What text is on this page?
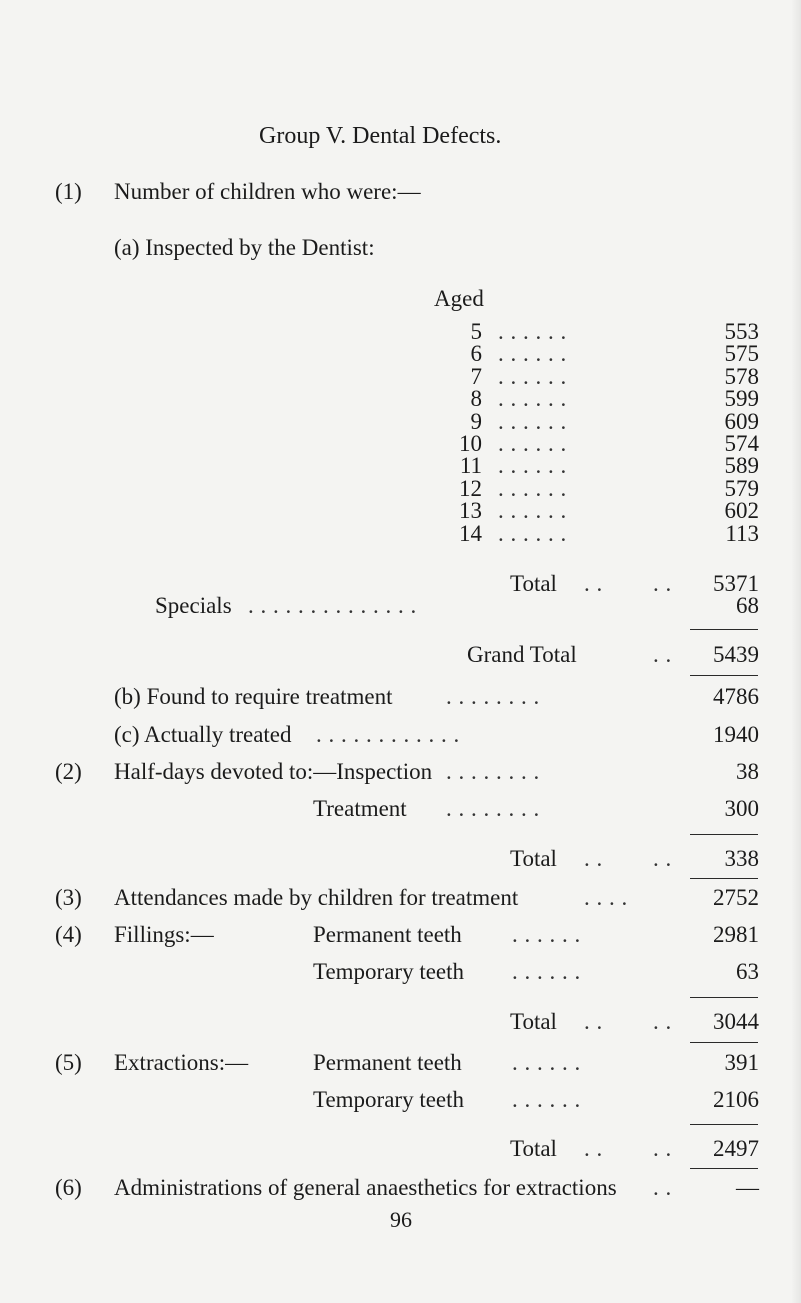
Group V. Dental Defects.
(1) Number of children who were:—
(a) Inspected by the Dentist:
Aged
5 . . . . . .	553
6 . . . . . .	575
7 . . . . . .	578
8 . . . . . .	599
9 . . . . . .	609
10 . . . . . .	574
11 . . . . . .	589
12 . . . . . .	579
13 . . . . . .	602
14 . . . . . .	113
Total . . . .	5371
Specials . . . . . . . . . . . . . .	68
Grand Total	. .	5439
(b) Found to require treatment . . . . . . . .	4786
(c) Actually treated . . . . . . . . . . . .	1940
(2) Half-days devoted to:—Inspection . . . . . . . .	38
Treatment . . . . . . . .	300
Total . . . .	338
(3) Attendances made by children for treatment	. . . .	2752
(4) Fillings:—	Permanent teeth . . . . . .	2981
Temporary teeth . . . . . .	63
Total . . . .	3044
(5) Extractions:—	Permanent teeth . . . . . .	391
Temporary teeth . . . . . .	2106
Total . . . .	2497
(6) Administrations of general anaesthetics for extractions . .	—
96
